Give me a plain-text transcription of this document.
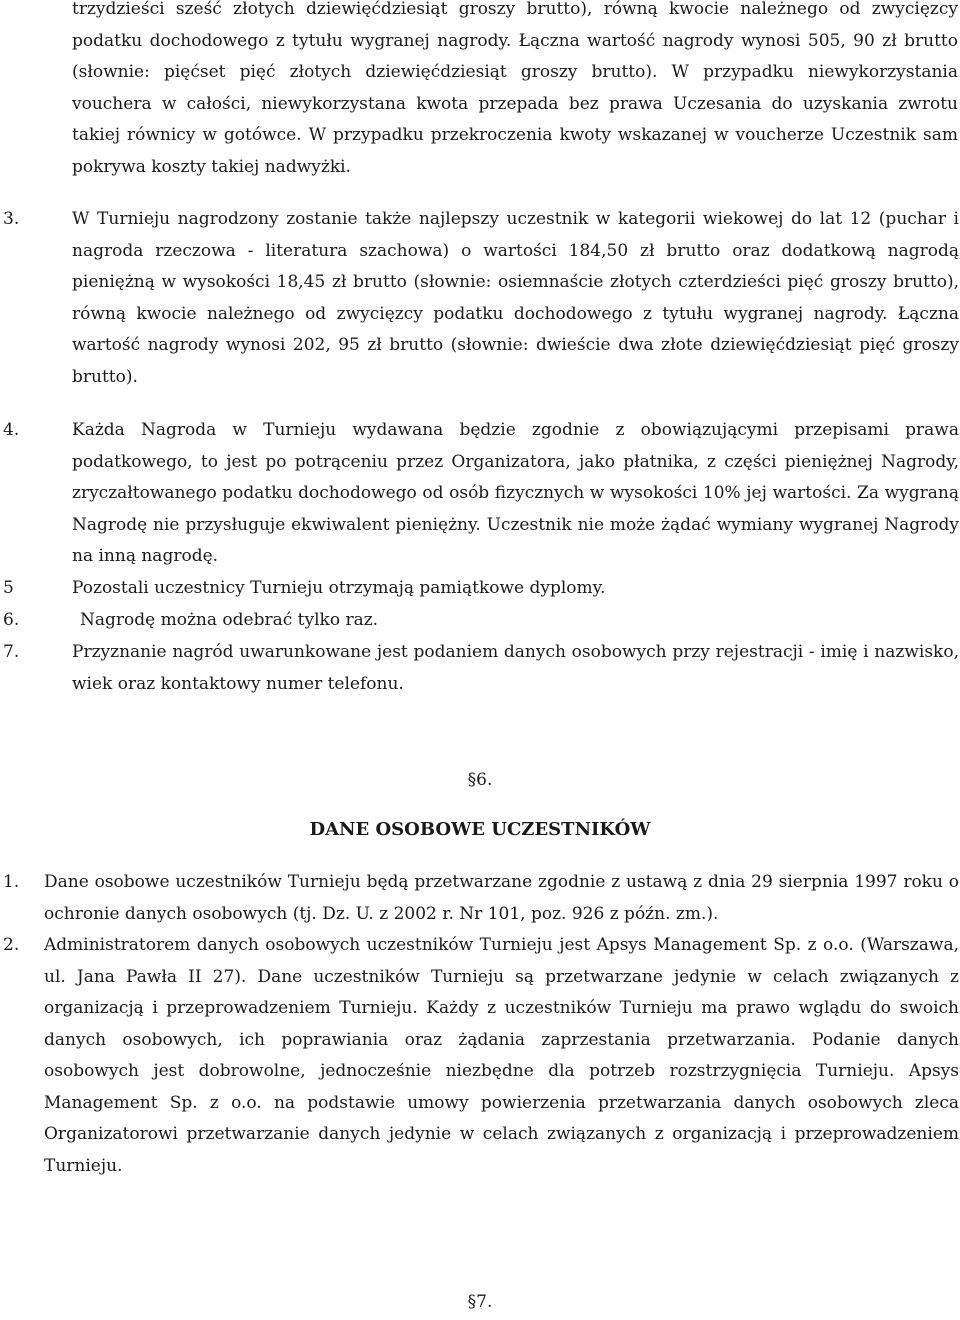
trzydzieści sześć złotych dziewięćdziesiąt groszy brutto), równą kwocie należnego od zwycięzcy podatku dochodowego z tytułu wygranej nagrody. Łączna wartość nagrody wynosi 505, 90 zł brutto (słownie: pięćset pięć złotych dziewięćdziesiąt groszy brutto). W przypadku niewykorzystania vouchera w całości, niewykorzystana kwota przepada bez prawa Uczesania do uzyskania zwrotu takiej równicy w gotówce. W przypadku przekroczenia kwoty wskazanej w voucherze Uczestnik sam pokrywa koszty takiej nadwyżki.

3.	W Turnieju nagrodzony zostanie także najlepszy uczestnik w kategorii wiekowej do lat 12 (puchar i nagroda rzeczowa - literatura szachowa) o wartości 184,50 zł brutto oraz dodatkową nagrodą pieniężną w wysokości 18,45 zł brutto (słownie: osiemnaście złotych czterdzieści pięć groszy brutto), równą kwocie należnego od zwycięzcy podatku dochodowego z tytułu wygranej nagrody. Łączna wartość nagrody wynosi 202, 95 zł brutto (słownie: dwieście dwa złote dziewięćdziesiąt pięć groszy brutto).
4.	Każda Nagroda w Turnieju wydawana będzie zgodnie z obowiązującymi przepisami prawa podatkowego, to jest po potrąceniu przez Organizatora, jako płatnika, z części pieniężnej Nagrody, zryczałtowanego podatku dochodowego od osób fizycznych w wysokości 10% jej wartości. Za wygraną Nagrodę nie przysługuje ekwiwalent pieniężny. Uczestnik nie może żądać wymiany wygranej Nagrody na inną nagrodę.
5	Pozostali uczestnicy Turnieju otrzymają pamiątkowe dyplomy.
6.	Nagrodę można odebrać tylko raz.
7.	Przyznanie nagród uwarunkowane jest podaniem danych osobowych przy rejestracji - imię i nazwisko, wiek oraz kontaktowy numer telefonu.
§6.
DANE OSOBOWE UCZESTNIKÓW
1. Dane osobowe uczestników Turnieju będą przetwarzane zgodnie z ustawą z dnia 29 sierpnia 1997 roku o ochronie danych osobowych (tj. Dz. U. z 2002 r. Nr 101, poz. 926 z późn. zm.).
2. Administratorem danych osobowych uczestników Turnieju jest Apsys Management Sp. z o.o. (Warszawa, ul. Jana Pawła II 27). Dane uczestników Turnieju są przetwarzane jedynie w celach związanych z organizacją i przeprowadzeniem Turnieju. Każdy z uczestników Turnieju ma prawo wglądu do swoich danych osobowych, ich poprawiania oraz żądania zaprzestania przetwarzania. Podanie danych osobowych jest dobrowolne, jednocześnie niezbędne dla potrzeb rozstrzygnięcia Turnieju. Apsys Management Sp. z o.o. na podstawie umowy powierzenia przetwarzania danych osobowych zleca Organizatorowi przetwarzanie danych jedynie w celach związanych z organizacją i przeprowadzeniem Turnieju.
§7.
